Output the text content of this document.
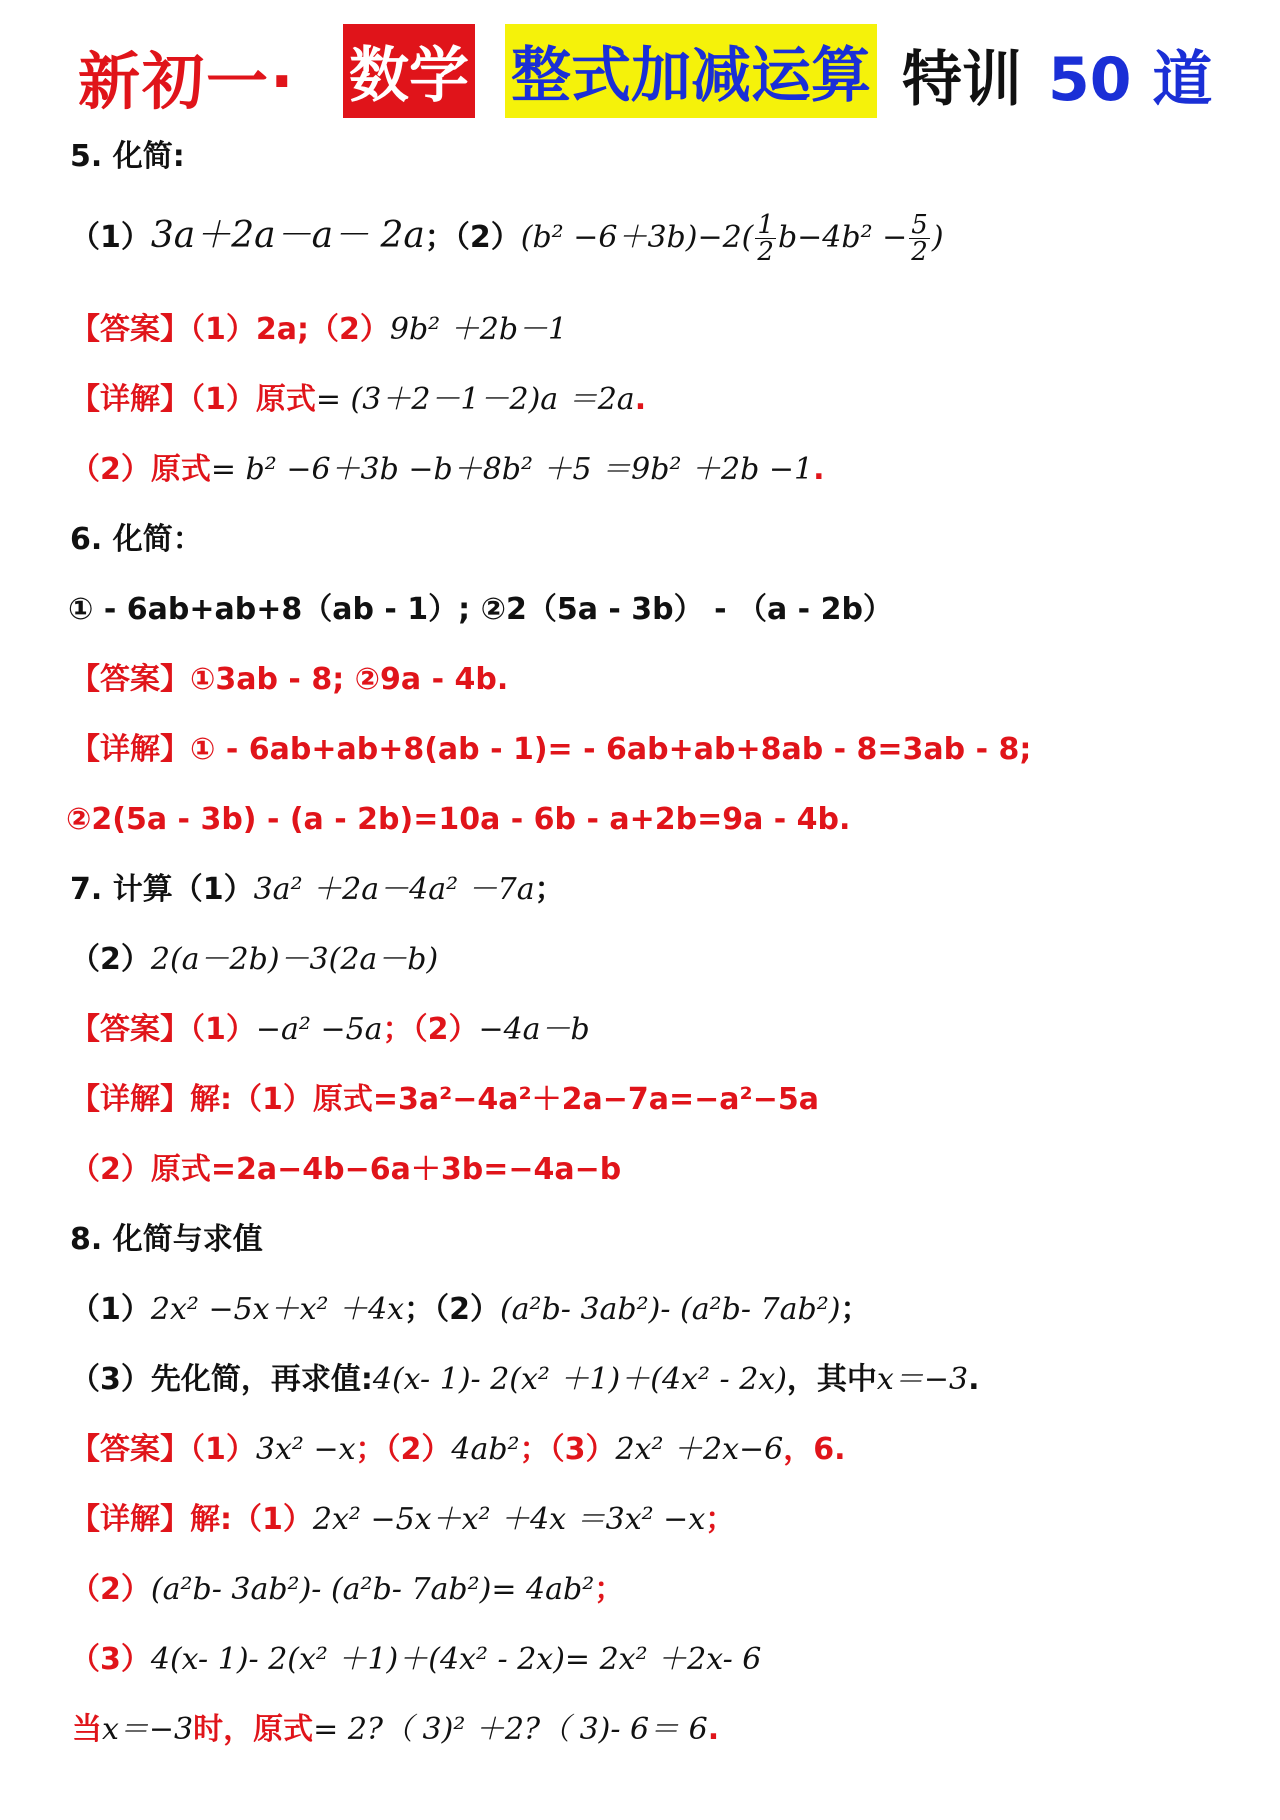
新初一· 数学 整式加减运算 特训 50 道
5. 化简:
（1）3a＋2a－a－ 2a；$(2)(b^2 -6+3b)-2( \frac{1}{2} b-4b^2 - \frac{5}{2}$ )
【答案】（1）2a;（2）9b² ＋2b－1
【详解】（1）原式= (3＋2－1－2)a ＝2a.
（2）原式= b² −6＋3b −b＋8b² ＋5 ＝9b² ＋2b −1.
6. 化简：
① - 6ab+ab+8（ab - 1）; ②2（5a - 3b） - （a - 2b）
【答案】①3ab - 8; ②9a - 4b.
【详解】① - 6ab+ab+8(ab - 1)= - 6ab+ab+8ab - 8=3ab - 8;
②2(5a - 3b) - (a - 2b)=10a - 6b - a+2b=9a - 4b.
7. 计算（1）3a² ＋2a－4a² －7a；
（2）2(a－2b)－3(2a－b)
【答案】（1）−a² −5a；（2）−4a－b
【详解】解:（1）原式=3a²−4a²＋2a−7a=−a²−5a
（2）原式=2a−4b−6a＋3b=−4a−b
8. 化简与求值
（1）2x² −5x＋x² ＋4x；（2）(a²b- 3ab²)- (a²b- 7ab²)；
（3）先化简，再求值:4(x- 1)- 2(x² ＋1)＋(4x² - 2x)，其中x＝−3.
【答案】（1）3x² −x；（2）4ab²；（3）2x² ＋2x−6，6.
【详解】解:（1）2x² −5x＋x² ＋4x ＝3x² −x；
（2）(a²b- 3ab²)- (a²b- 7ab²)= 4ab²；
（3）4(x- 1)- 2(x² ＋1)＋(4x² - 2x)= 2x² ＋2x- 6
当x＝−3时，原式= 2?（ 3)² ＋2?（ 3)- 6＝ 6.
